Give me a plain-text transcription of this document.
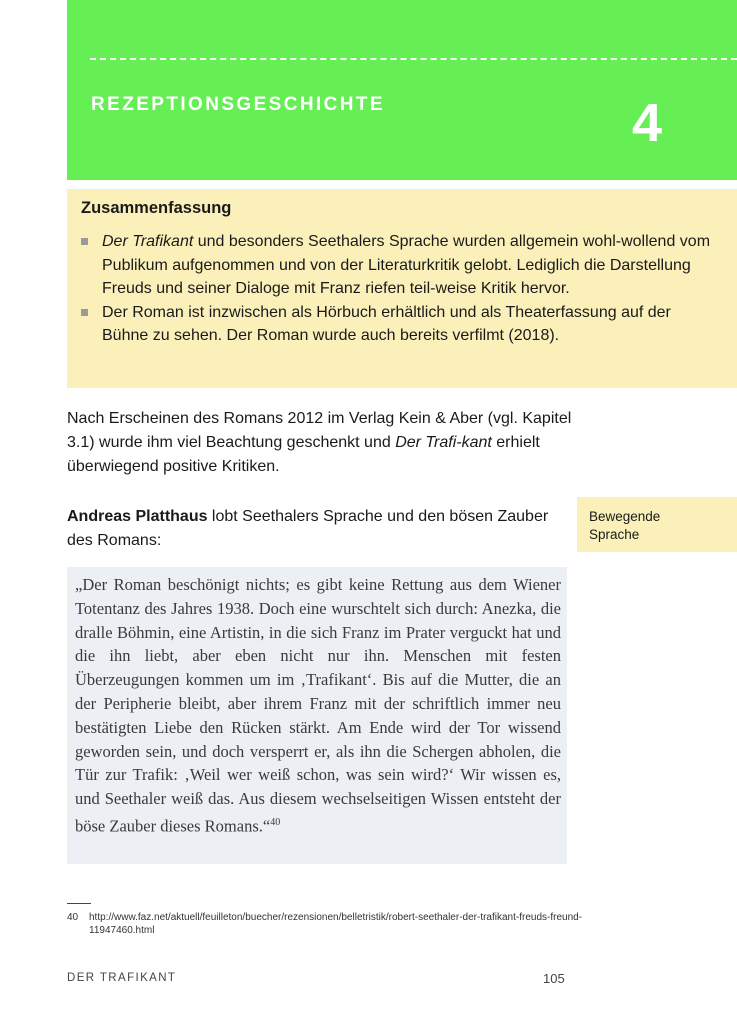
REZEPTIONSGESCHICHTE	4
Zusammenfassung
Der Trafikant und besonders Seethalers Sprache wurden allgemein wohl-wollend vom Publikum aufgenommen und von der Literaturkritik gelobt. Lediglich die Darstellung Freuds und seiner Dialoge mit Franz riefen teil-weise Kritik hervor.
Der Roman ist inzwischen als Hörbuch erhältlich und als Theaterfassung auf der Bühne zu sehen. Der Roman wurde auch bereits verfilmt (2018).
Nach Erscheinen des Romans 2012 im Verlag Kein & Aber (vgl. Kapitel 3.1) wurde ihm viel Beachtung geschenkt und Der Trafi-kant erhielt überwiegend positive Kritiken.
Andreas Platthaus lobt Seethalers Sprache und den bösen Zauber des Romans:
Bewegende
Sprache

„Der Roman beschönigt nichts; es gibt keine Rettung aus dem Wiener Totentanz des Jahres 1938. Doch eine wurschtelt sich durch: Anezka, die dralle Böhmin, eine Artistin, in die sich Franz im Prater verguckt hat und die ihn liebt, aber eben nicht nur ihn. Menschen mit festen Überzeugungen kommen um im ‚Trafikant‘. Bis auf die Mutter, die an der Peripherie bleibt, aber ihrem Franz mit der schriftlich immer neu bestätigten Liebe den Rücken stärkt. Am Ende wird der Tor wissend geworden sein, und doch versperrt er, als ihn die Schergen abholen, die Tür zur Trafik: ‚Weil wer weiß schon, was sein wird?‘ Wir wissen es, und Seethaler weiß das. Aus diesem wechselseitigen Wissen entsteht der böse Zauber dieses Romans.“$^{40}$

40 http://www.faz.net/aktuell/feuilleton/buecher/rezensionen/belletristik/robert-seethaler-der-trafikant-freuds-freund-11947460.html
DER TRAFIKANT	105
